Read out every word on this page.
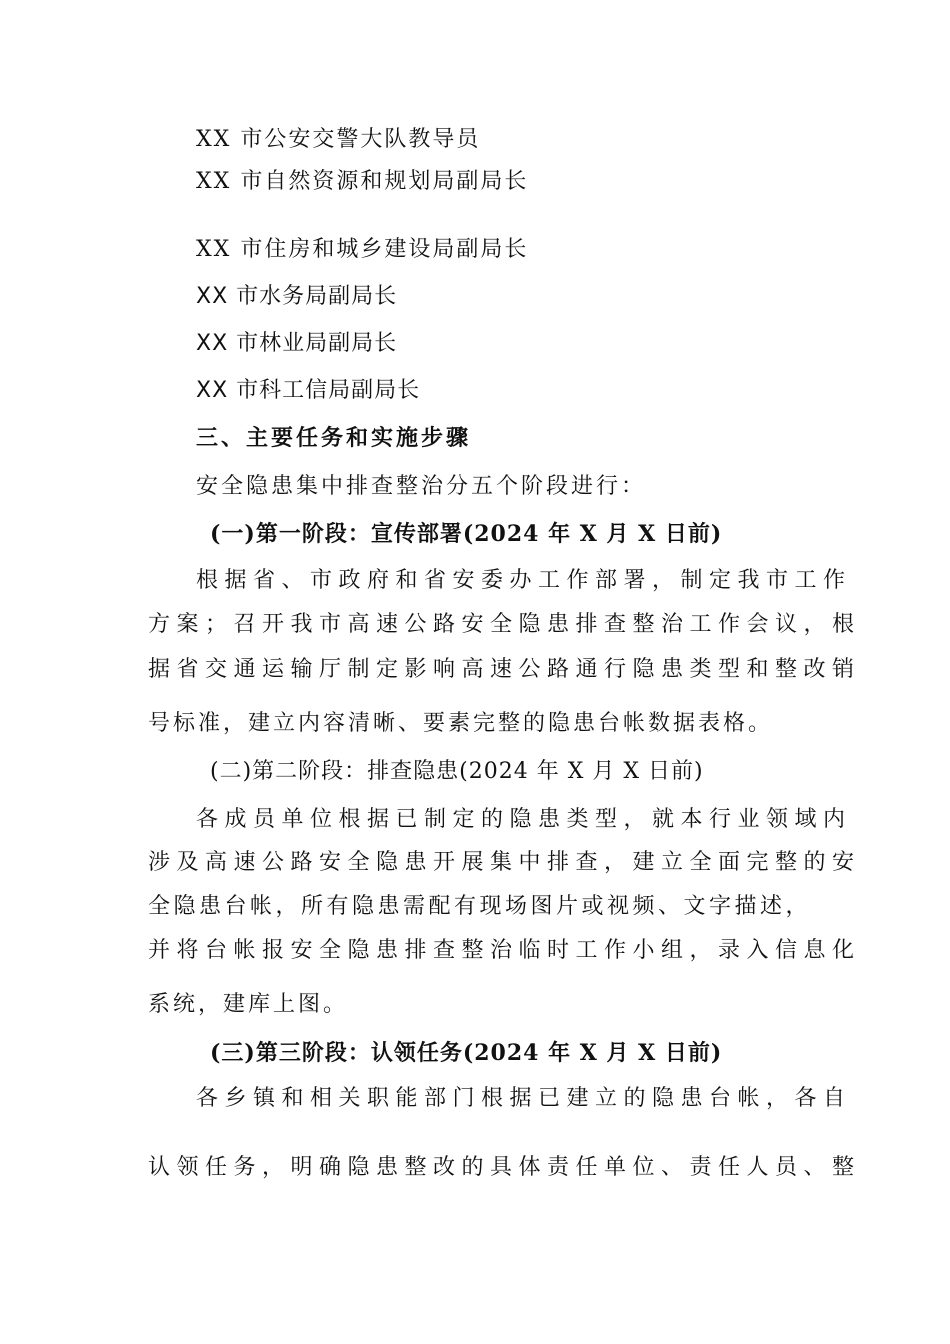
XX 市公安交警大队教导员
XX 市自然资源和规划局副局长
XX 市住房和城乡建设局副局长
XX 市水务局副局长
XX 市林业局副局长
XX 市科工信局副局长
三、主要任务和实施步骤
安全隐患集中排查整治分五个阶段进行：
(一)第一阶段：宣传部署(2024 年 X 月 X 日前)
根据省、市政府和省安委办工作部署，制定我市工作
方案；召开我市高速公路安全隐患排查整治工作会议，根
据省交通运输厅制定影响高速公路通行隐患类型和整改销
号标准，建立内容清晰、要素完整的隐患台帐数据表格。
(二)第二阶段：排查隐患(2024 年 X 月 X 日前)
各成员单位根据已制定的隐患类型，就本行业领域内
涉及高速公路安全隐患开展集中排查，建立全面完整的安
全隐患台帐，所有隐患需配有现场图片或视频、文字描述，
并将台帐报安全隐患排查整治临时工作小组，录入信息化
系统，建库上图。
(三)第三阶段：认领任务(2024 年 X 月 X 日前)
各乡镇和相关职能部门根据已建立的隐患台帐，各自
认领任务，明确隐患整改的具体责任单位、责任人员、整
